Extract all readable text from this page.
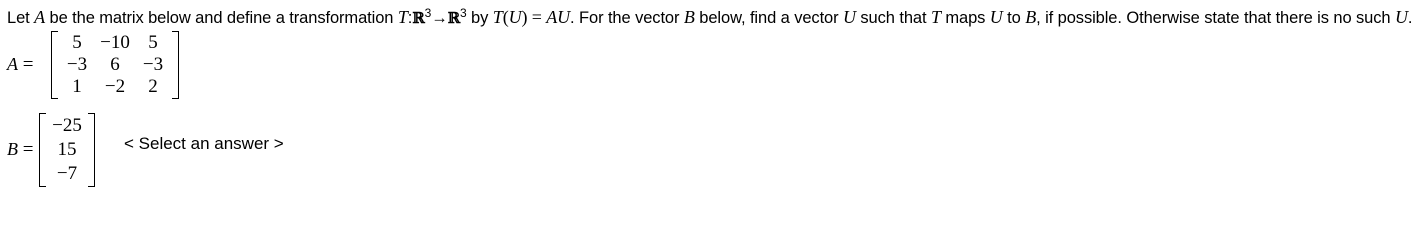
Let A be the matrix below and define a transformation T:ℝ$^3$→ℝ$^3$ by T(U) = AU. For the vector B below, find a vector U such that T maps U to B, if possible. Otherwise state that there is no such U.
A =
5 −10 5
−3 6 −3
1 −2 2
B =
−25
15
−7
< Select an answer >
